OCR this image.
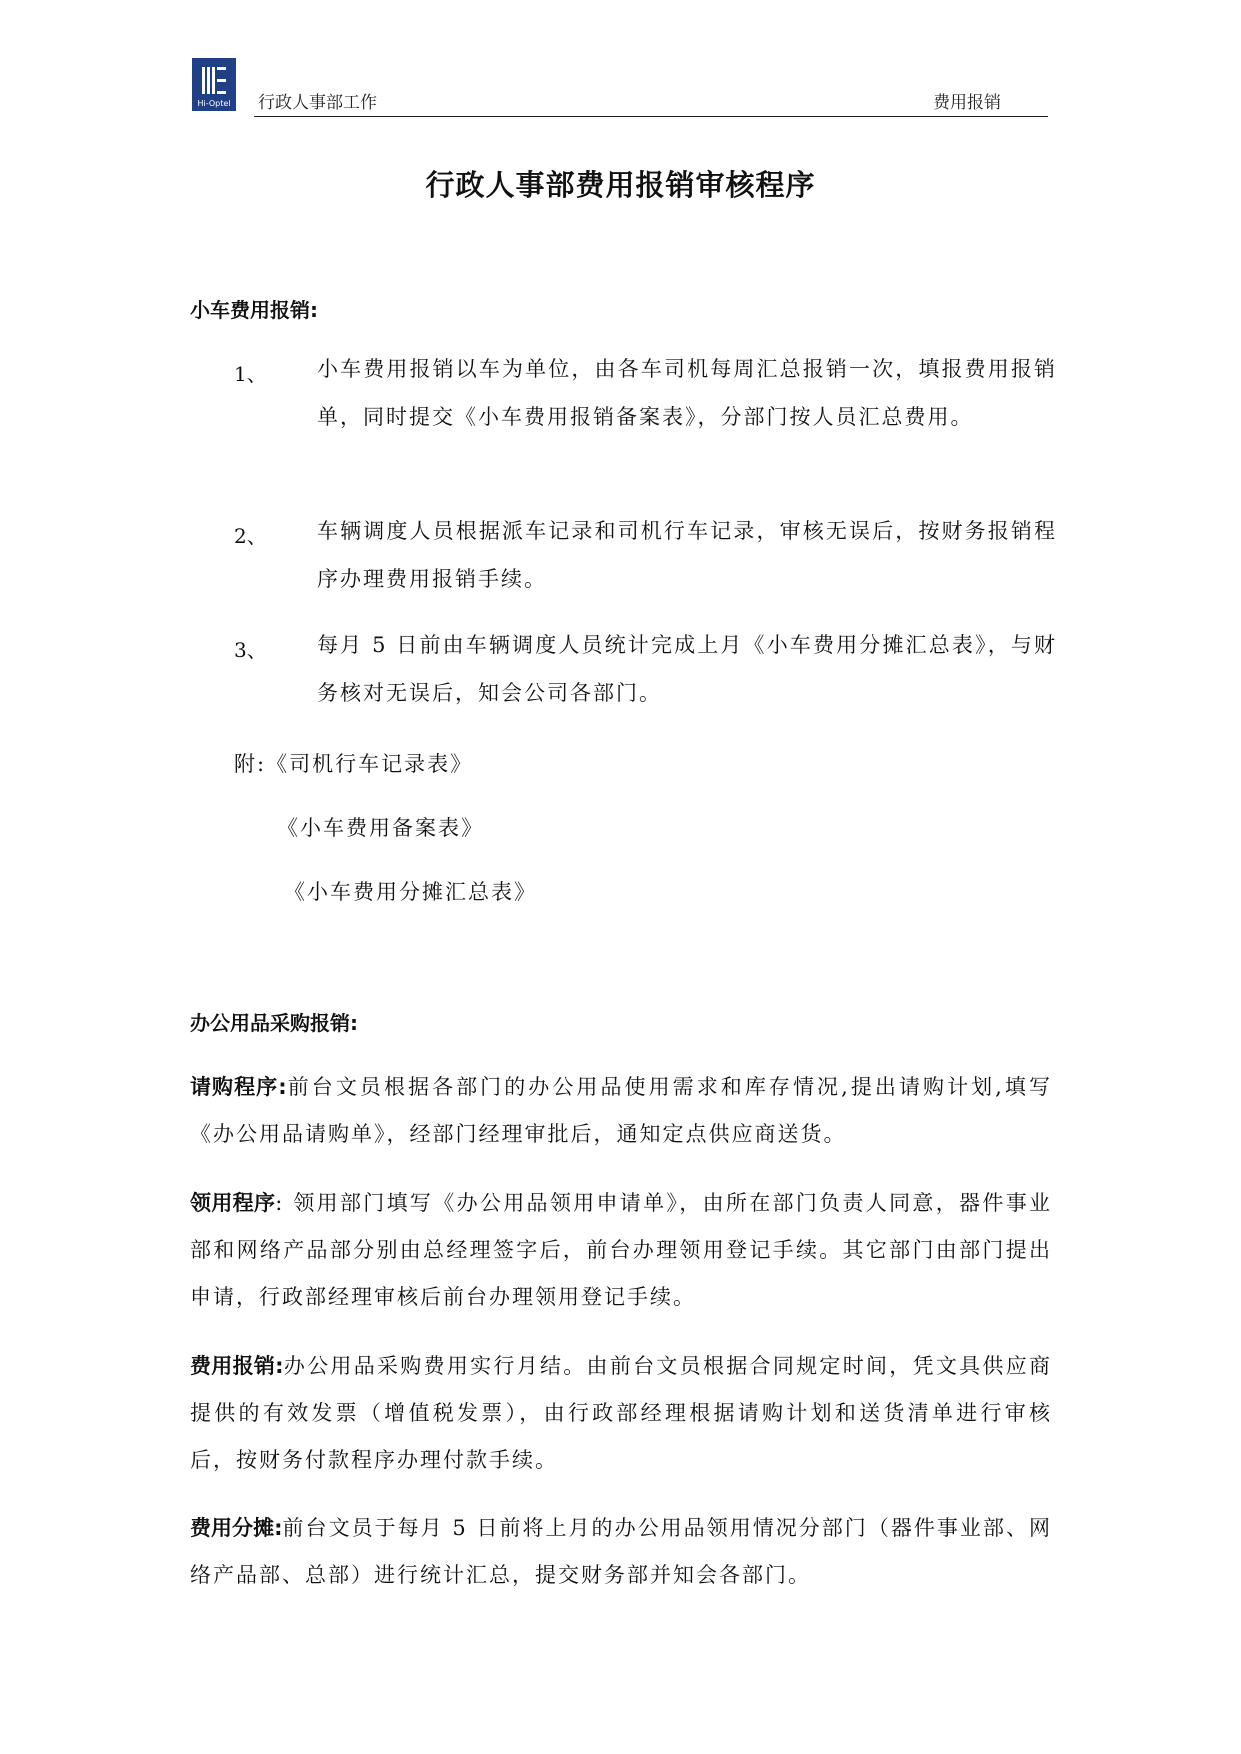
Hi-Optel	行政人事部工作	费用报销
行政人事部费用报销审核程序
小车费用报销:
1、 小车费用报销以车为单位，由各车司机每周汇总报销一次，填报费用报销单，同时提交《小车费用报销备案表》，分部门按人员汇总费用。
2、 车辆调度人员根据派车记录和司机行车记录，审核无误后，按财务报销程序办理费用报销手续。
3、 每月 5 日前由车辆调度人员统计完成上月《小车费用分摊汇总表》，与财务核对无误后，知会公司各部门。
附:《司机行车记录表》
《小车费用备案表》
《小车费用分摊汇总表》
办公用品采购报销:
请购程序:前台文员根据各部门的办公用品使用需求和库存情况,提出请购计划,填写《办公用品请购单》，经部门经理审批后，通知定点供应商送货。
领用程序: 领用部门填写《办公用品领用申请单》，由所在部门负责人同意，器件事业部和网络产品部分别由总经理签字后，前台办理领用登记手续。其它部门由部门提出申请，行政部经理审核后前台办理领用登记手续。
费用报销:办公用品采购费用实行月结。由前台文员根据合同规定时间，凭文具供应商提供的有效发票（增值税发票），由行政部经理根据请购计划和送货清单进行审核后，按财务付款程序办理付款手续。
费用分摊:前台文员于每月 5 日前将上月的办公用品领用情况分部门（器件事业部、网络产品部、总部）进行统计汇总，提交财务部并知会各部门。
